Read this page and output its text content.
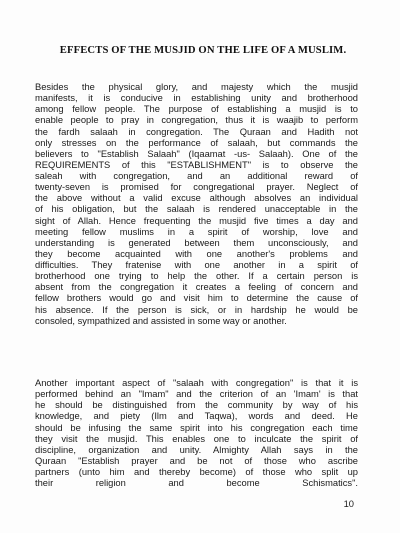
EFFECTS OF THE MUSJID ON THE LIFE OF A MUSLIM.
Besides the physical glory, and majesty which the musjid
manifests, it is conducive in establishing unity and brotherhood
among fellow people. The purpose of establishing a musjid is to
enable people to pray in congregation, thus it is waajib to perform
the fardh salaah in congregation. The Quraan and Hadith not
only stresses on the performance of salaah, but commands the
believers to "Establish Salaah" (Iqaamat -us- Salaah). One of the
REQUIREMENTS of this "ESTABLISHMENT" is to observe the
saleah with congregation, and an additional reward of
twenty-seven is promised for congregational prayer. Neglect of
the above without a valid excuse although absolves an individual
of his obligation, but the salaah is rendered unacceptable in the
sight of Allah. Hence frequenting the musjid five times a day and
meeting fellow muslims in a spirit of worship, love and
understanding is generated between them unconsciously, and
they become acquainted with one another's problems and
difficulties. They fratenise with one another in a spirit of
brotherhood one trying to help the other. If a certain person is
absent from the congregation it creates a feeling of concern and
fellow brothers would go and visit him to determine the cause of
his absence. If the person is sick, or in hardship he would be
consoled, sympathized and assisted in some way or another.
Another important aspect of "salaah with congregation" is that it is
performed behind an "Imam" and the criterion of an 'Imam' is that
he should be distinguished from the community by way of his
knowledge, and piety (Ilm and Taqwa), words and deed. He
should be infusing the same spirit into his congregation each time
they visit the musjid. This enables one to inculcate the spirit of
discipline, organization and unity. Almighty Allah says in the
Quraan "Establish prayer and be not of those who ascribe
partners (unto him and thereby become) of those who split up
their religion and become Schismatics".
10
